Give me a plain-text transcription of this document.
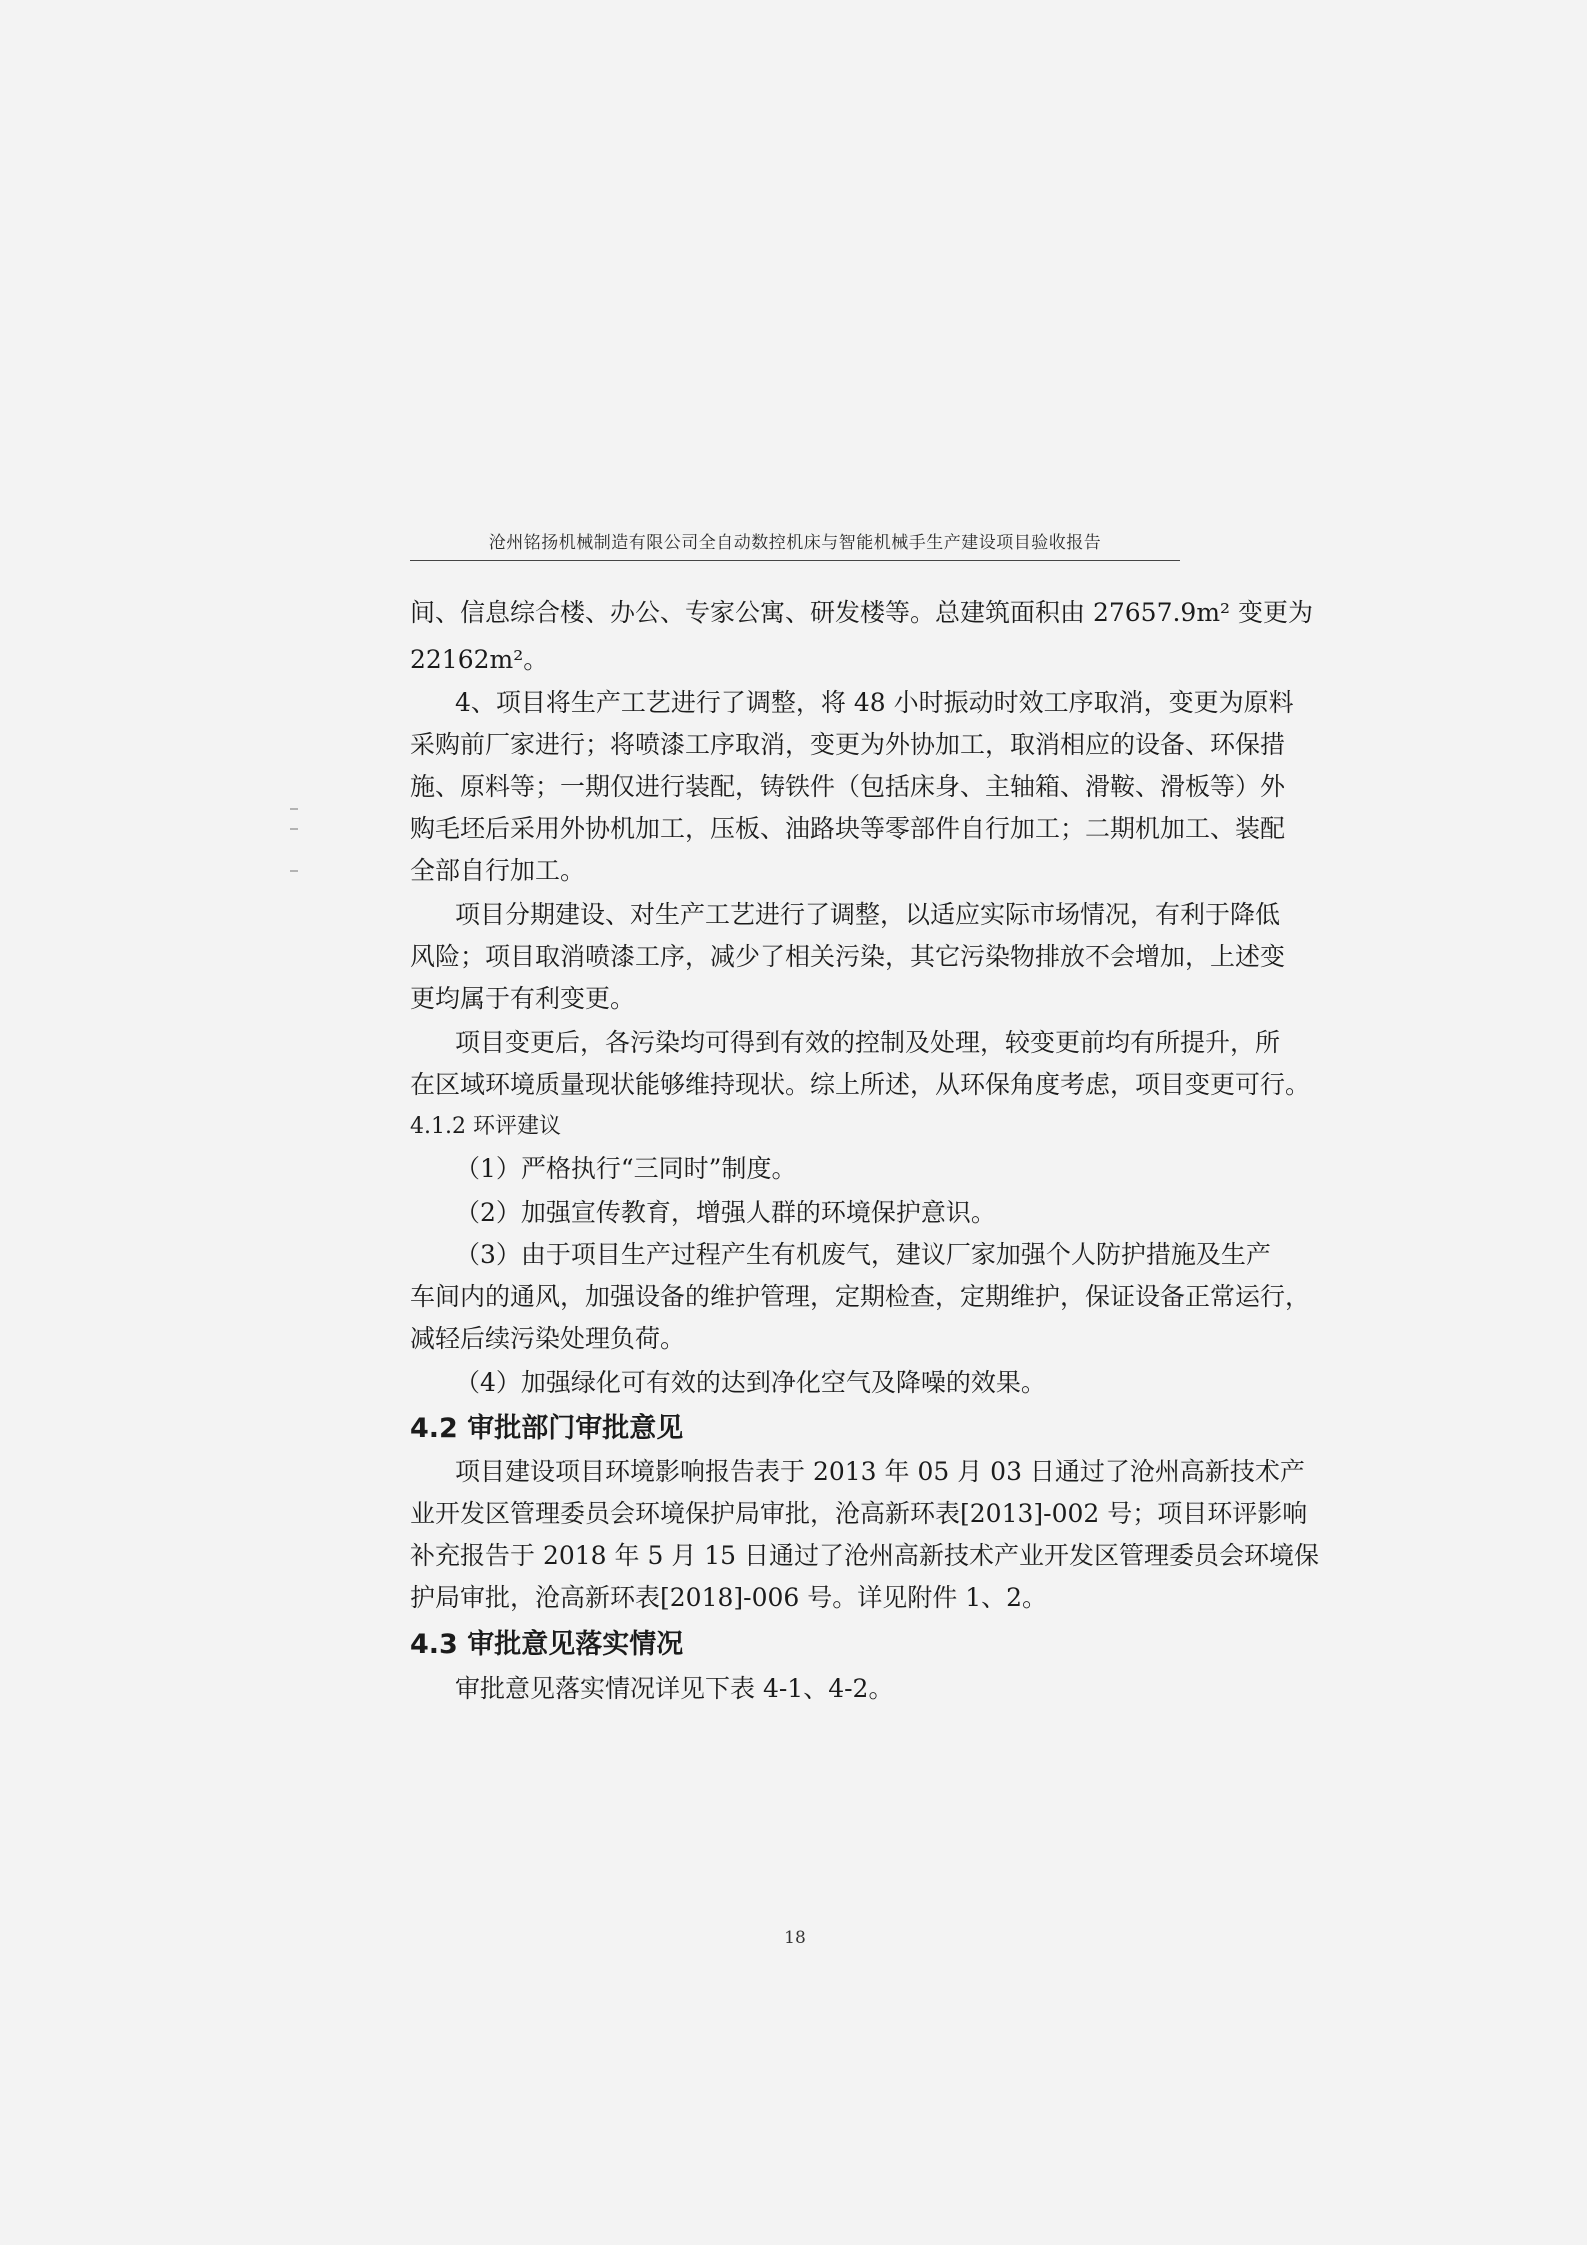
沧州铭扬机械制造有限公司全自动数控机床与智能机械手生产建设项目验收报告
间、信息综合楼、办公、专家公寓、研发楼等。总建筑面积由 27657.9m² 变更为
22162m²。
4、项目将生产工艺进行了调整，将 48 小时振动时效工序取消，变更为原料
采购前厂家进行；将喷漆工序取消，变更为外协加工，取消相应的设备、环保措
施、原料等；一期仅进行装配，铸铁件（包括床身、主轴箱、滑鞍、滑板等）外
购毛坯后采用外协机加工，压板、油路块等零部件自行加工；二期机加工、装配
全部自行加工。
项目分期建设、对生产工艺进行了调整，以适应实际市场情况，有利于降低
风险；项目取消喷漆工序，减少了相关污染，其它污染物排放不会增加，上述变
更均属于有利变更。
项目变更后，各污染均可得到有效的控制及处理，较变更前均有所提升，所
在区域环境质量现状能够维持现状。综上所述，从环保角度考虑，项目变更可行。
4.1.2 环评建议
（1）严格执行“三同时”制度。
（2）加强宣传教育，增强人群的环境保护意识。
（3）由于项目生产过程产生有机废气，建议厂家加强个人防护措施及生产
车间内的通风，加强设备的维护管理，定期检查，定期维护，保证设备正常运行，
减轻后续污染处理负荷。
（4）加强绿化可有效的达到净化空气及降噪的效果。
4.2 审批部门审批意见
项目建设项目环境影响报告表于 2013 年 05 月 03 日通过了沧州高新技术产
业开发区管理委员会环境保护局审批，沧高新环表[2013]-002 号；项目环评影响
补充报告于 2018 年 5 月 15 日通过了沧州高新技术产业开发区管理委员会环境保
护局审批，沧高新环表[2018]-006 号。详见附件 1、2。
4.3 审批意见落实情况
审批意见落实情况详见下表 4-1、4-2。
18
